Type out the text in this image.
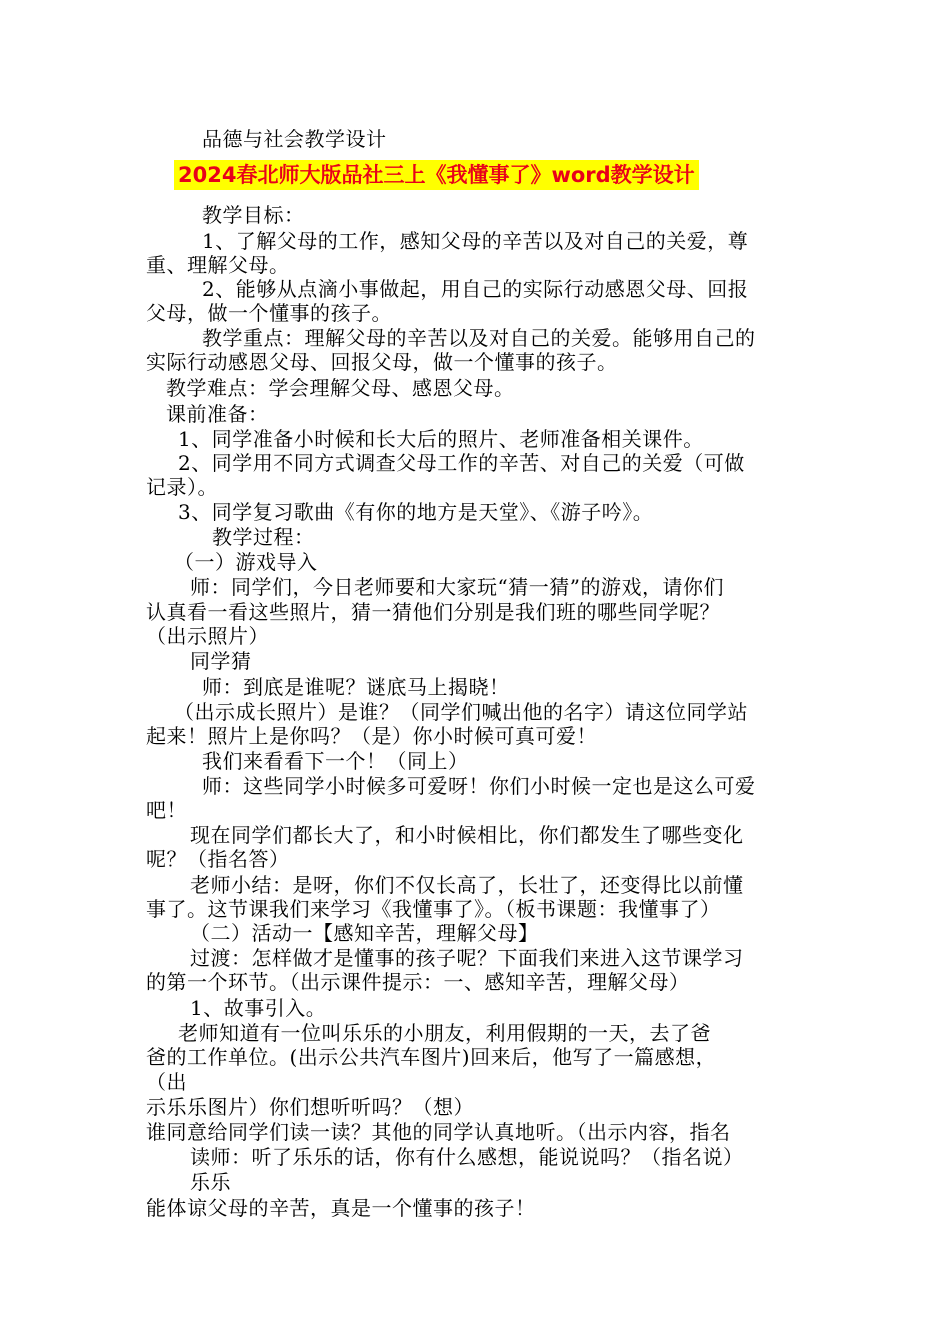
品德与社会教学设计
2024春北师大版品社三上《我懂事了》word教学设计
教学目标：
1、了解父母的工作，感知父母的辛苦以及对自己的关爱，尊
重、理解父母。
2、能够从点滴小事做起，用自己的实际行动感恩父母、回报
父母，做一个懂事的孩子。
教学重点：理解父母的辛苦以及对自己的关爱。能够用自己的
实际行动感恩父母、回报父母，做一个懂事的孩子。
教学难点：学会理解父母、感恩父母。
课前准备：
1、同学准备小时候和长大后的照片、老师准备相关课件。
2、同学用不同方式调查父母工作的辛苦、对自己的关爱（可做
记录）。
3、同学复习歌曲《有你的地方是天堂》、《游子吟》。
教学过程：
（一）游戏导入
师：同学们，今日老师要和大家玩“猜一猜”的游戏，请你们
认真看一看这些照片，猜一猜他们分别是我们班的哪些同学呢？
（出示照片）
同学猜
师：到底是谁呢？谜底马上揭晓！
（出示成长照片）是谁？（同学们喊出他的名字）请这位同学站
起来！照片上是你吗？（是）你小时候可真可爱！
我们来看看下一个！（同上）
师：这些同学小时候多可爱呀！你们小时候一定也是这么可爱
吧！
现在同学们都长大了，和小时候相比，你们都发生了哪些变化
呢？（指名答）
老师小结：是呀，你们不仅长高了，长壮了，还变得比以前懂
事了。这节课我们来学习《我懂事了》。（板书课题：我懂事了）
（二）活动一【感知辛苦，理解父母】
过渡：怎样做才是懂事的孩子呢？下面我们来进入这节课学习
的第一个环节。（出示课件提示：一、感知辛苦，理解父母）
1、故事引入。
老师知道有一位叫乐乐的小朋友，利用假期的一天，去了爸
爸的工作单位。(出示公共汽车图片)回来后，他写了一篇感想，
（出
示乐乐图片）你们想听听吗？（想）
谁同意给同学们读一读？其他的同学认真地听。（出示内容，指名
读师：听了乐乐的话，你有什么感想，能说说吗？（指名说）
乐乐
能体谅父母的辛苦，真是一个懂事的孩子！
